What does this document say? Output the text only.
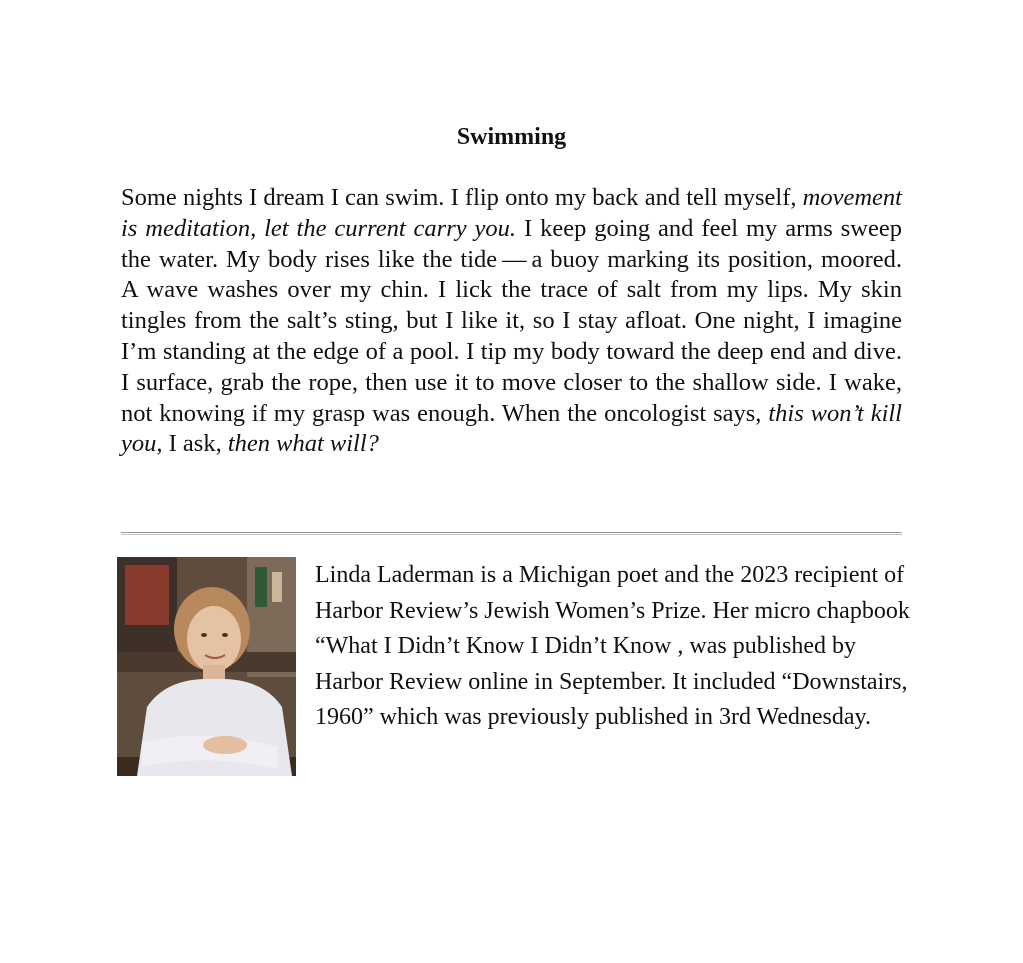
Swimming

Some nights I dream I can swim. I flip onto my back and tell myself, movement is meditation, let the current carry you. I keep going and feel my arms sweep the water. My body rises like the tide — a buoy marking its position, moored. A wave washes over my chin. I lick the trace of salt from my lips. My skin tingles from the salt’s sting, but I like it, so I stay afloat. One night, I imagine I’m standing at the edge of a pool. I tip my body toward the deep end and dive. I surface, grab the rope, then use it to move closer to the shallow side. I wake, not knowing if my grasp was enough. When the oncologist says, this won’t kill you, I ask, then what will?

Linda Laderman is a Michigan poet and the 2023 recipient of Harbor Review’s Jewish Women’s Prize. Her micro chapbook “What I Didn’t Know I Didn’t Know , was published by Harbor Review online in September. It included “Downstairs, 1960” which was previously published in 3rd Wednesday.
